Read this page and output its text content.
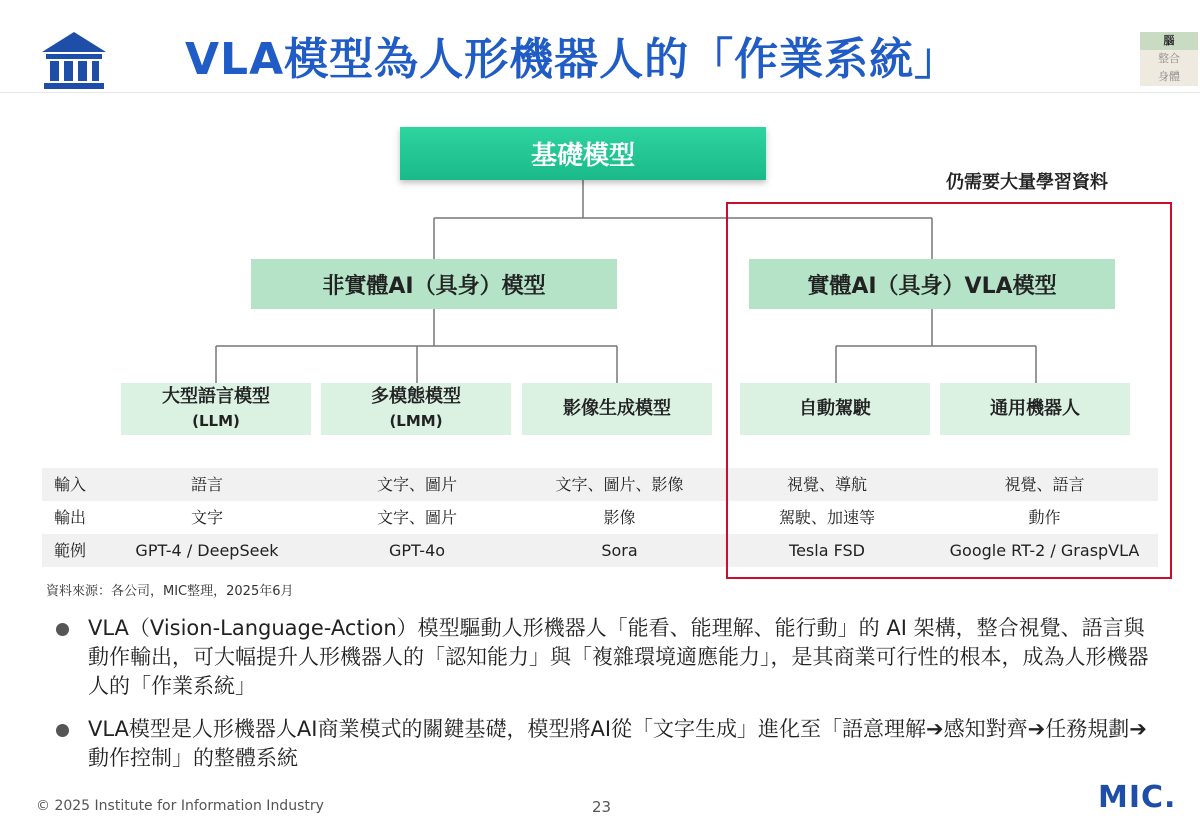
VLA模型為人形機器人的「作業系統」	腦
整合
身體
基礎模型
非實體AI（具身）模型	實體AI（具身）VLA模型
大型語言模型
(LLM)
多模態模型
(LMM)
影像生成模型	自動駕駛	通用機器人
仍需要大量學習資料
輸入	語言	文字、圖片	文字、圖片、影像	視覺、導航	視覺、語言
輸出	文字	文字、圖片	影像	駕駛、加速等	動作
範例	GPT-4 / DeepSeek	GPT-4o	Sora	Tesla FSD	Google RT-2 / GraspVLA
資料來源：各公司，MIC整理，2025年6月
VLA（Vision-Language-Action）模型驅動人形機器人「能看、能理解、能行動」的 AI 架構，整合視覺、語言與動作輸出，可大幅提升人形機器人的「認知能力」與「複雜環境適應能力」，是其商業可行性的根本，成為人形機器人的「作業系統」
VLA模型是人形機器人AI商業模式的關鍵基礎，模型將AI從「文字生成」進化至「語意理解➔感知對齊➔任務規劃➔動作控制」的整體系統
© 2025 Institute for Information Industry	23	MIC.
